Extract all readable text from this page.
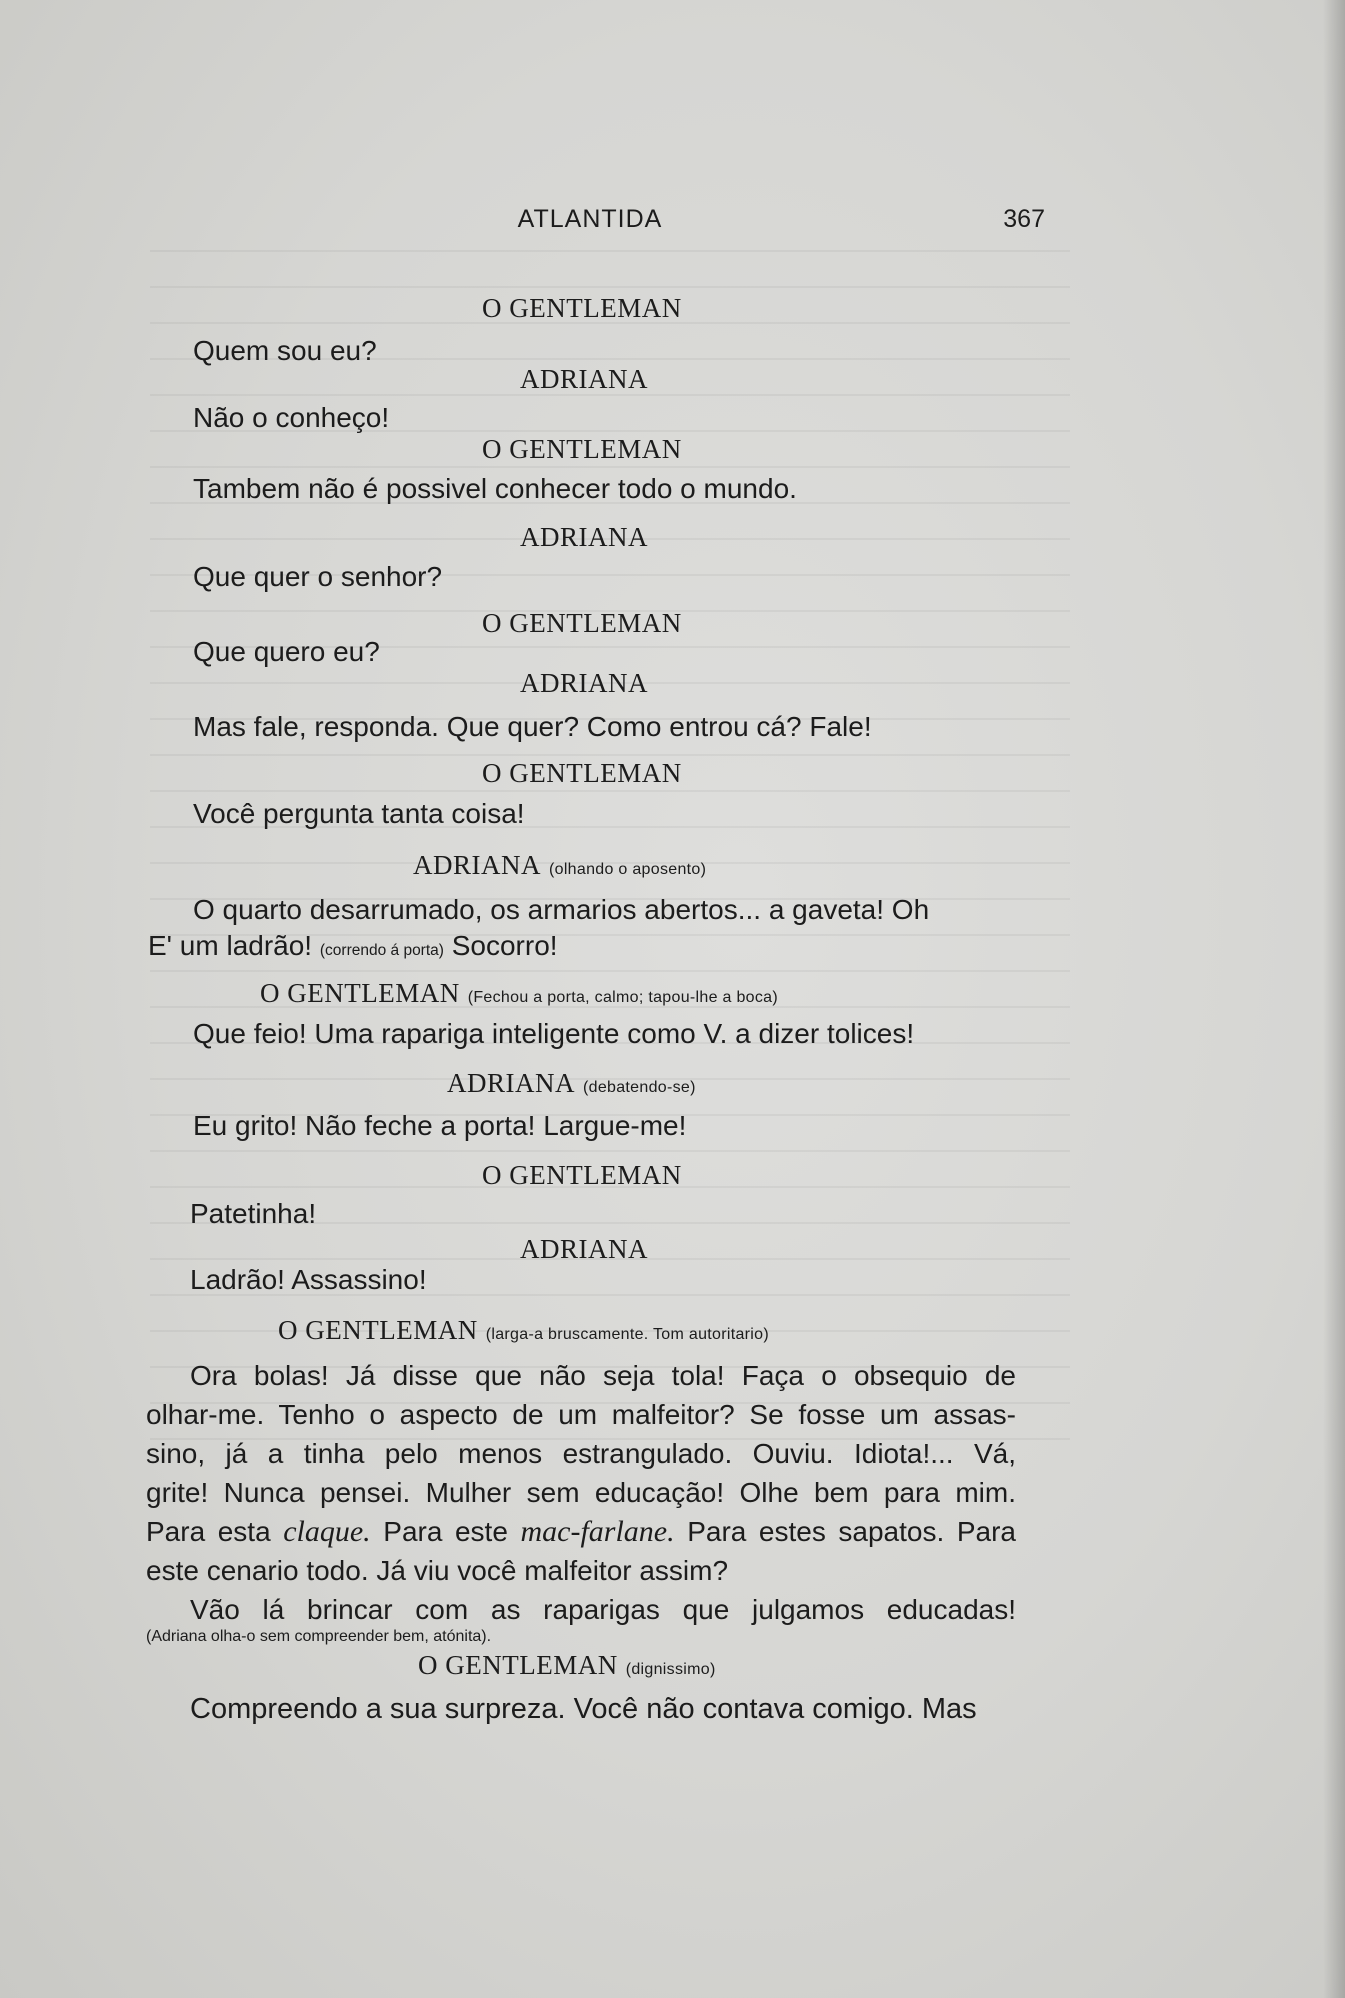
ATLANTIDA	367
O GENTLEMAN
Quem sou eu?
ADRIANA
Não o conheço!
O GENTLEMAN
Tambem não é possivel conhecer todo o mundo.
ADRIANA
Que quer o senhor?
O GENTLEMAN
Que quero eu?
ADRIANA
Mas fale, responda. Que quer? Como entrou cá? Fale!
O GENTLEMAN
Você pergunta tanta coisa!
ADRIANA (olhando o aposento)
O quarto desarrumado, os armarios abertos... a gaveta! Oh
E' um ladrão! (correndo á porta) Socorro!
O GENTLEMAN (Fechou a porta, calmo; tapou-lhe a boca)
Que feio! Uma rapariga inteligente como V. a dizer tolices!
ADRIANA (debatendo-se)
Eu grito! Não feche a porta! Largue-me!
O GENTLEMAN
Patetinha!
ADRIANA
Ladrão! Assassino!
O GENTLEMAN (larga-a bruscamente. Tom autoritario)
Ora bolas! Já disse que não seja tola! Faça o obsequio de
olhar-me. Tenho o aspecto de um malfeitor? Se fosse um assas-
sino, já a tinha pelo menos estrangulado. Ouviu. Idiota!... Vá,
grite! Nunca pensei. Mulher sem educação! Olhe bem para mim.
Para esta claque. Para este mac-farlane. Para estes sapatos. Para
este cenario todo. Já viu você malfeitor assim?
Vão lá brincar com as raparigas que julgamos educadas!
(Adriana olha-o sem compreender bem, atónita).
O GENTLEMAN (dignissimo)
Compreendo a sua surpreza. Você não contava comigo. Mas
